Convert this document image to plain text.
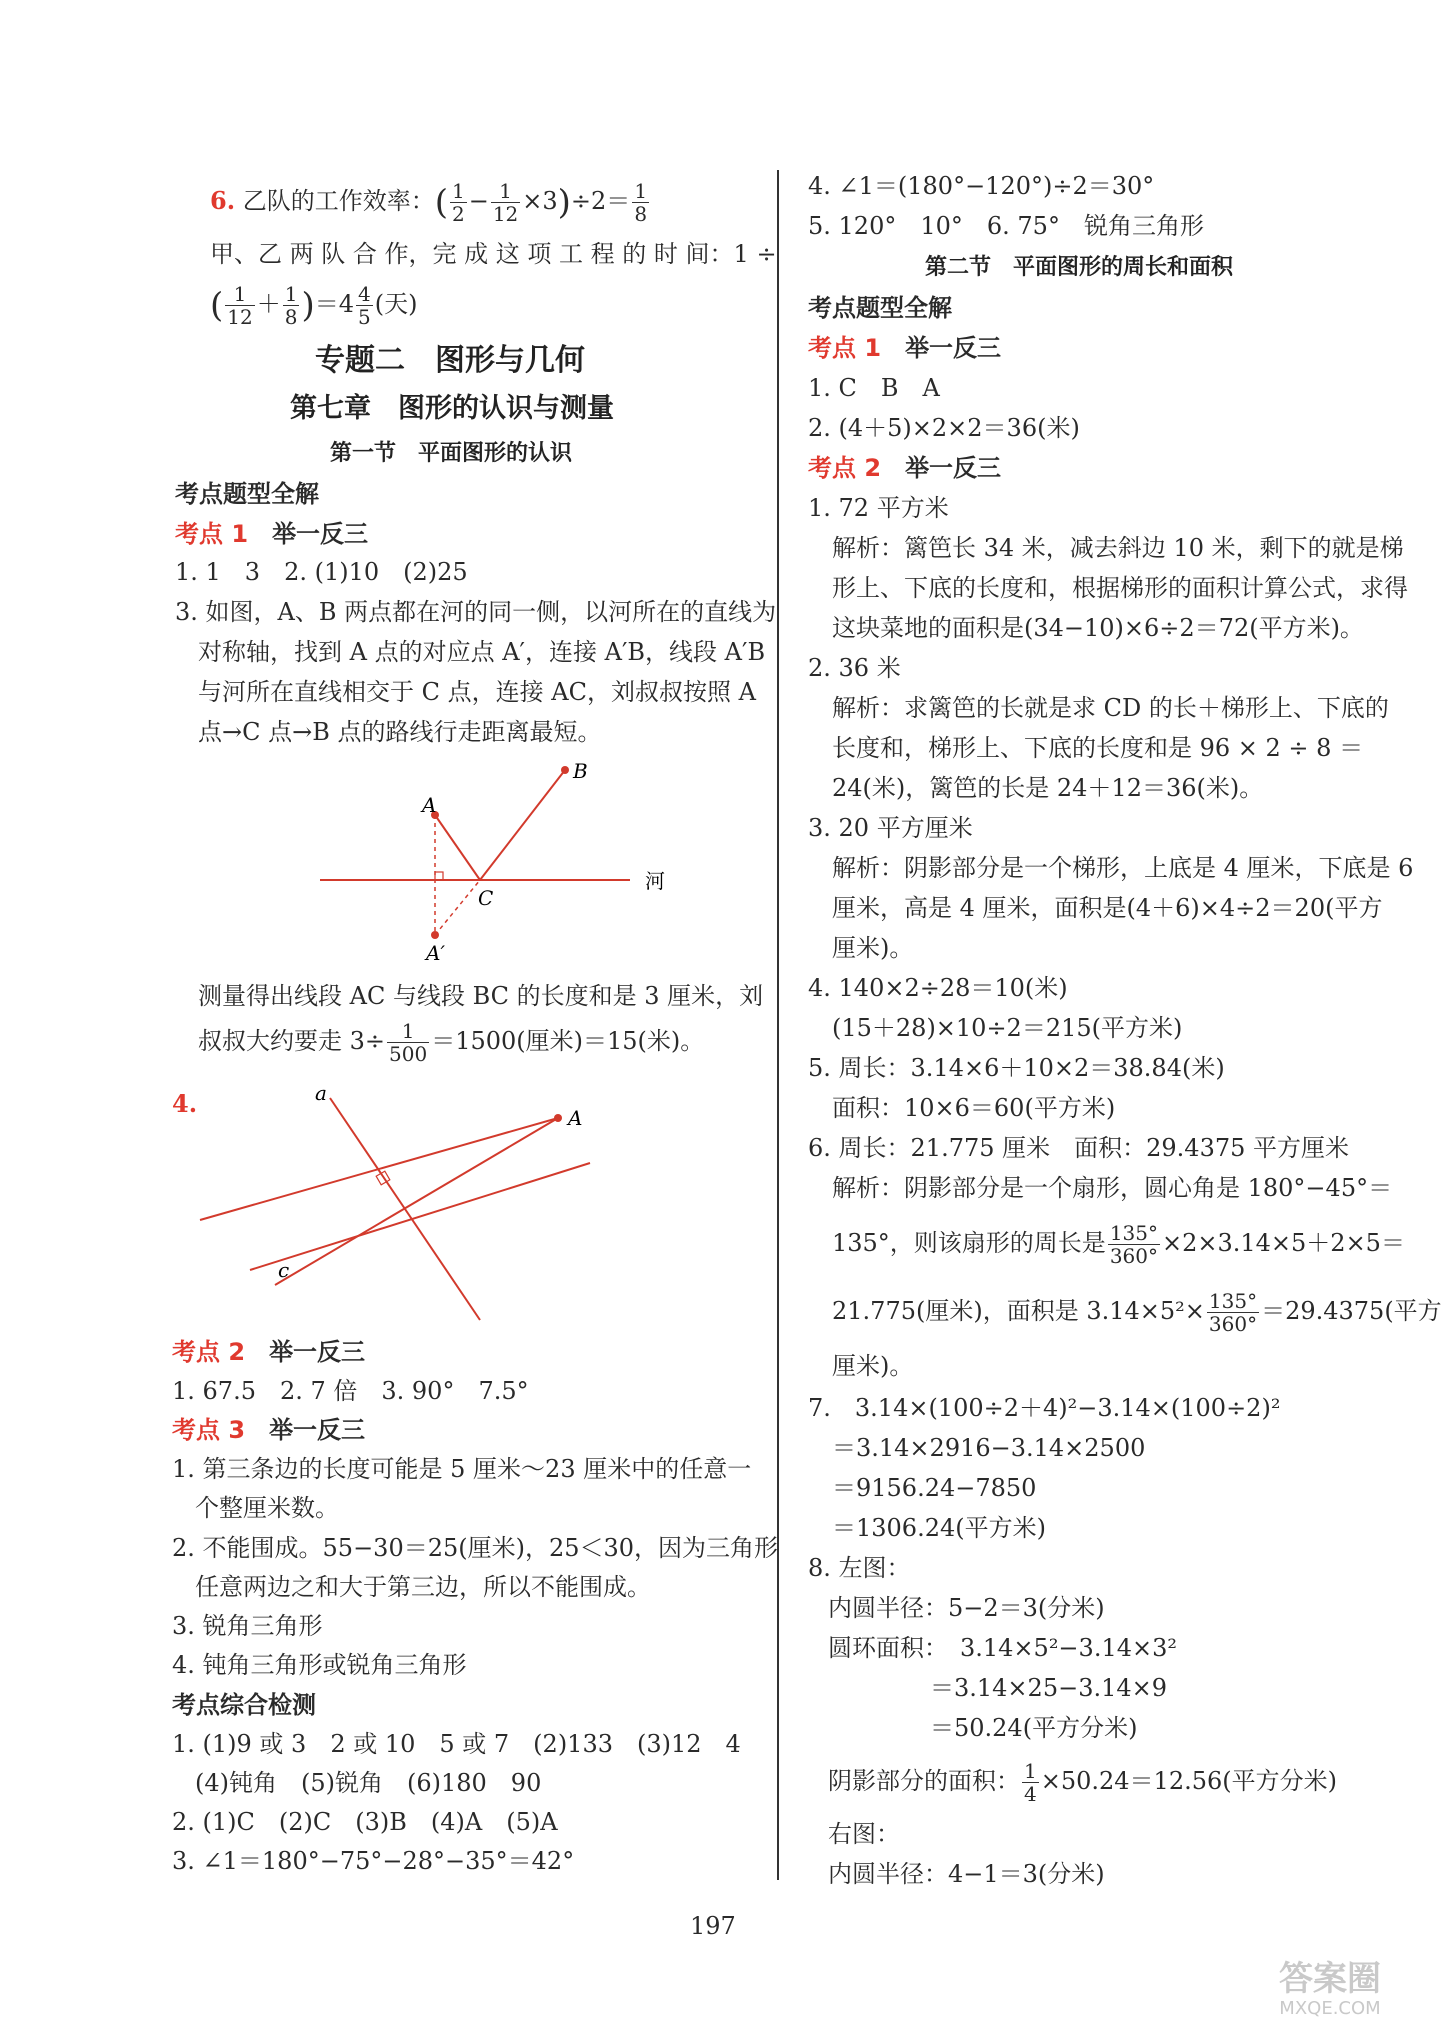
6. 乙队的工作效率：( $\frac{1}{2} - \frac{1}{12} \times 3)\div 2= \frac{1}{8}$
甲、乙 两 队 合 作，完 成 这 项 工 程 的 时 间：1 ÷
( $\frac{1}{12} + \frac{1}{8} )=4 \frac{4}{5}$ (天)
专题二　图形与几何
第七章　图形的认识与测量
第一节　平面图形的认识
考点题型全解
考点 1　 举一反三
1. 1　3　2. (1)10　(2)25
3. 如图，A、B 两点都在河的同一侧，以河所在的直线为
对称轴，找到 A 点的对应点 A′，连接 A′B，线段 A′B
与河所在直线相交于 C 点，连接 AC，刘叔叔按照 A
点→C 点→B 点的路线行走距离最短。
A
B
C
A′
河
测量得出线段 AC 与线段 BC 的长度和是 3 厘米，刘
叔叔大约要走 $3\div \frac{1}{500} =1500$(厘米)＝15(米)。
4.	a
A
c
考点 2　 举一反三
1. 67.5　2. 7 倍　3. 90°　7.5°
考点 3　 举一反三
1. 第三条边的长度可能是 5 厘米～23 厘米中的任意一
个整厘米数。
2. 不能围成。55−30＝25(厘米)，25＜30，因为三角形
任意两边之和大于第三边，所以不能围成。
3. 锐角三角形
4. 钝角三角形或锐角三角形
考点综合检测
1. (1)9 或 3　2 或 10　5 或 7　(2)133　(3)12　4
(4)钝角　(5)锐角　(6)180　90
2. (1)C　(2)C　(3)B　(4)A　(5)A
3. ∠1＝180°−75°−28°−35°＝42°
4. ∠1＝(180°−120°)÷2＝30°
5. 120°　10°　6. 75°　锐角三角形
第二节　平面图形的周长和面积
考点题型全解
考点 1　 举一反三
1. C　B　A
2. (4＋5)×2×2＝36(米)
考点 2　 举一反三
1. 72 平方米
解析：篱笆长 34 米，减去斜边 10 米，剩下的就是梯
形上、下底的长度和，根据梯形的面积计算公式，求得
这块菜地的面积是(34−10)×6÷2＝72(平方米)。
2. 36 米
解析：求篱笆的长就是求 CD 的长＋梯形上、下底的
长度和，梯形上、下底的长度和是 96 × 2 ÷ 8 ＝
24(米)，篱笆的长是 24＋12＝36(米)。
3. 20 平方厘米
解析：阴影部分是一个梯形，上底是 4 厘米，下底是 6
厘米，高是 4 厘米，面积是(4＋6)×4÷2＝20(平方
厘米)。
4. 140×2÷28＝10(米)
(15＋28)×10÷2＝215(平方米)
5. 周长：3.14×6＋10×2＝38.84(米)
面积：10×6＝60(平方米)
6. 周长：21.775 厘米　面积：29.4375 平方厘米
解析：阴影部分是一个扇形，圆心角是 180°−45°＝
135°，则该扇形的周长是 $\frac{135^\circ}{360^\circ} \times 2\times 3.14\times 5+2\times 5=$
21.775(厘米)，面积是 $3.14\times 5^2\times \frac{135^\circ}{360^\circ} =29.4375$(平方
厘米)。
7.　3.14×(100÷2＋4)²−3.14×(100÷2)²
＝3.14×2916−3.14×2500
＝9156.24−7850
＝1306.24(平方米)
8. 左图：
内圆半径：5−2＝3(分米)
圆环面积：　3.14×5²−3.14×3²
＝3.14×25−3.14×9
＝50.24(平方分米)
阴影部分的面积： $\frac{1}{4} \times 50.24=12.56$(平方分米)
右图：
内圆半径：4−1＝3(分米)
197
答案圈
MXQE.COM
